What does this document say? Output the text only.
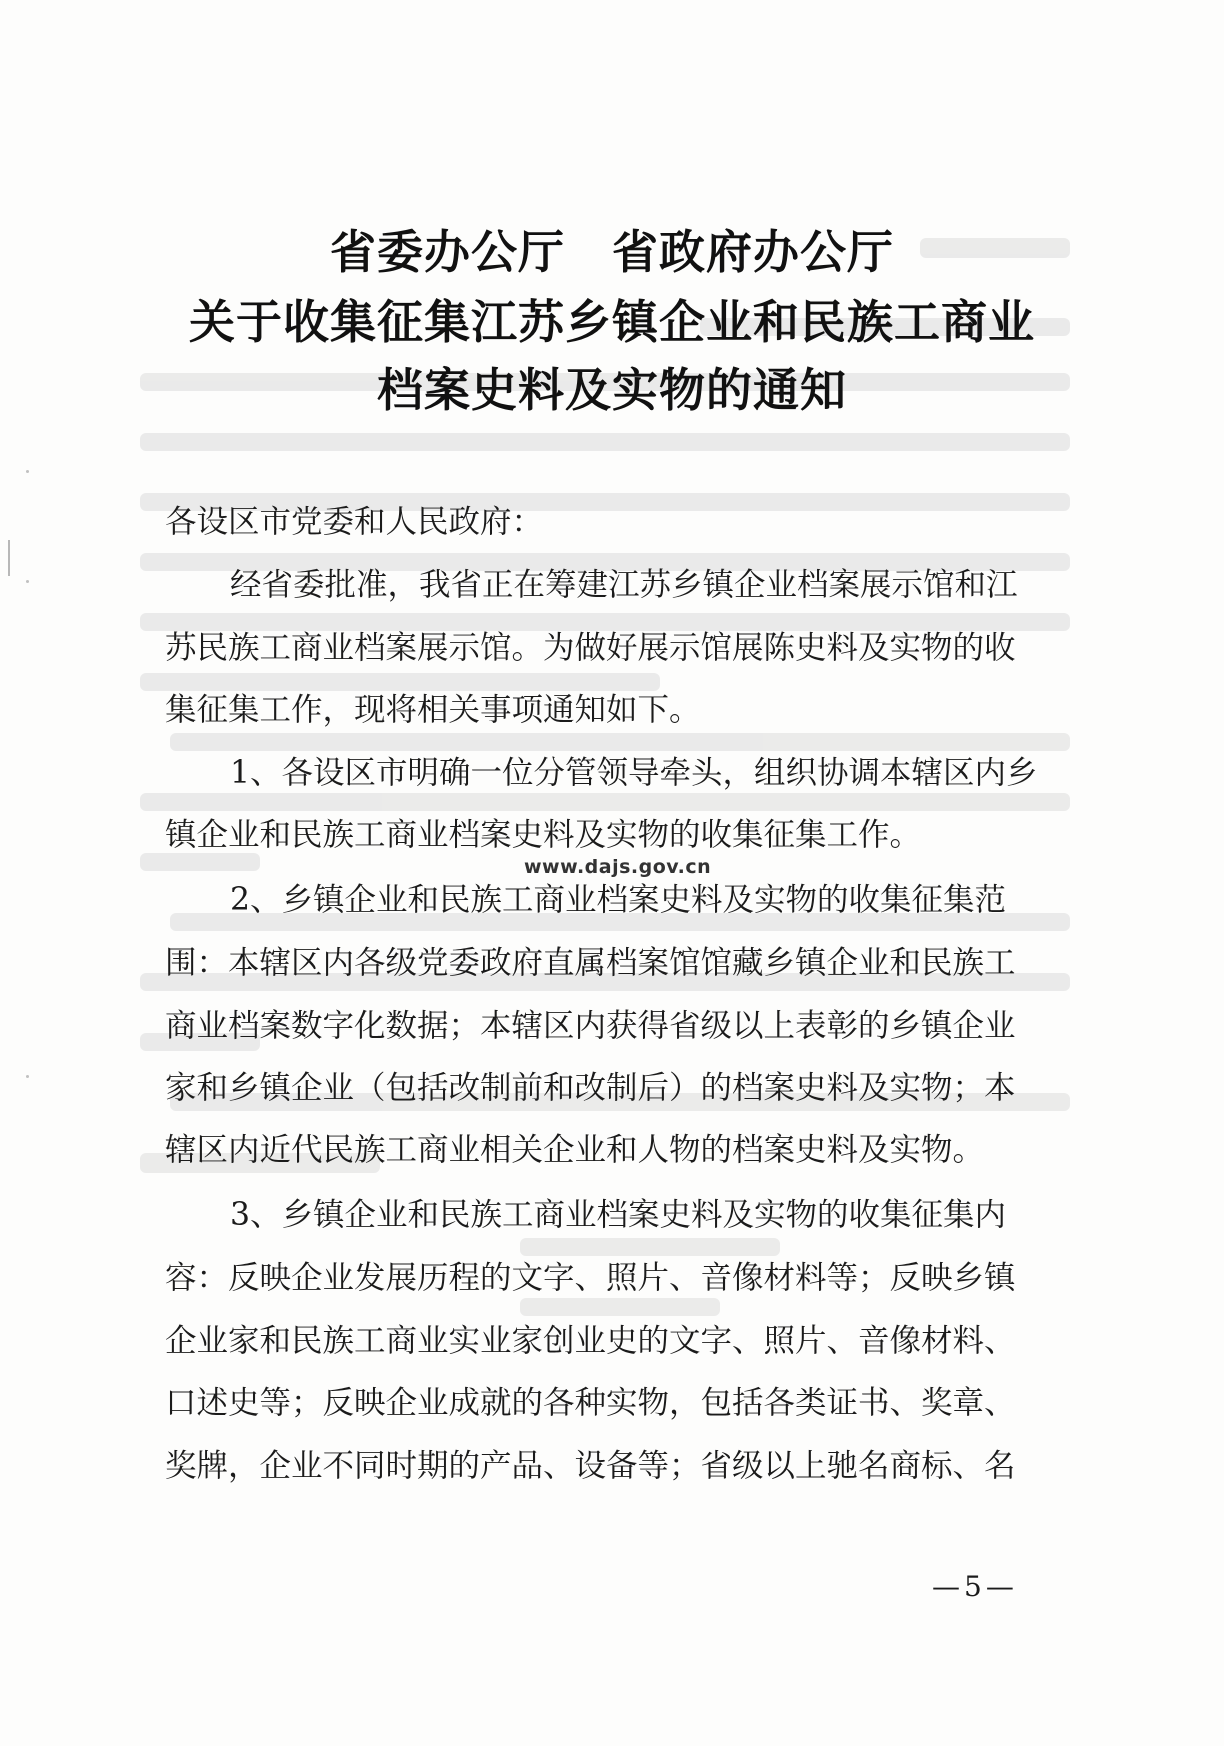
省委办公厅　省政府办公厅
关于收集征集江苏乡镇企业和民族工商业
档案史料及实物的通知
各设区市党委和人民政府：
经省委批准，我省正在筹建江苏乡镇企业档案展示馆和江
苏民族工商业档案展示馆。为做好展示馆展陈史料及实物的收
集征集工作，现将相关事项通知如下。
1、各设区市明确一位分管领导牵头，组织协调本辖区内乡
镇企业和民族工商业档案史料及实物的收集征集工作。
www.dajs.gov.cn
2、乡镇企业和民族工商业档案史料及实物的收集征集范
围：本辖区内各级党委政府直属档案馆馆藏乡镇企业和民族工
商业档案数字化数据；本辖区内获得省级以上表彰的乡镇企业
家和乡镇企业（包括改制前和改制后）的档案史料及实物；本
辖区内近代民族工商业相关企业和人物的档案史料及实物。
3、乡镇企业和民族工商业档案史料及实物的收集征集内
容：反映企业发展历程的文字、照片、音像材料等；反映乡镇
企业家和民族工商业实业家创业史的文字、照片、音像材料、
口述史等；反映企业成就的各种实物，包括各类证书、奖章、
奖牌，企业不同时期的产品、设备等；省级以上驰名商标、名
—5—
